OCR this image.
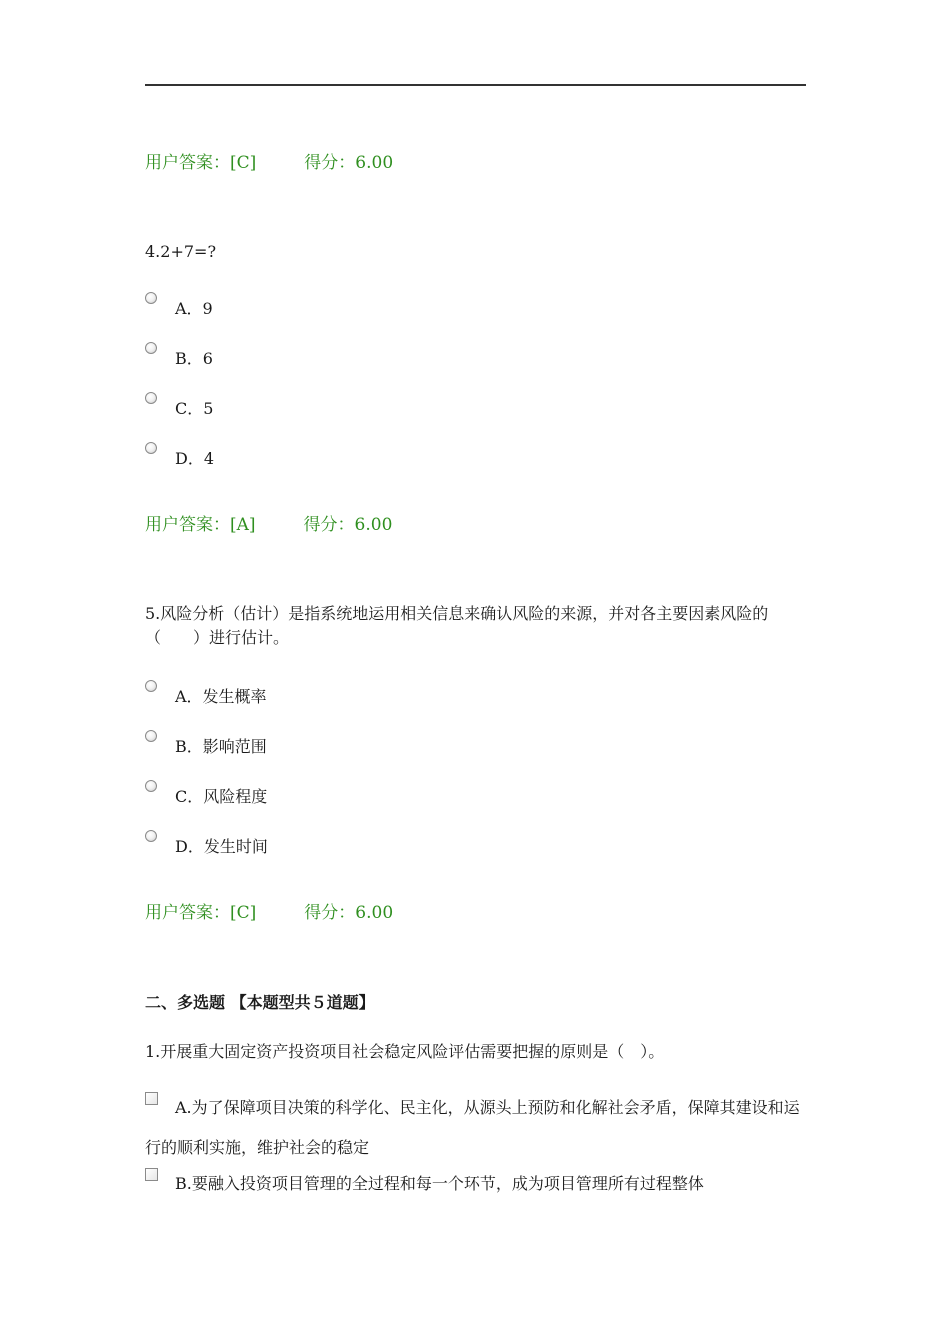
用户答案：[C]	得分：6.00
4.2+7=?
A．9
B．6
C．5
D．4
用户答案：[A]	得分：6.00
5.风险分析（估计）是指系统地运用相关信息来确认风险的来源，并对各主要因素风险的（　　）进行估计。
A．发生概率
B．影响范围
C．风险程度
D．发生时间
用户答案：[C]	得分：6.00
二、多选题 【本题型共５道题】
1.开展重大固定资产投资项目社会稳定风险评估需要把握的原则是（　）。
A.为了保障项目决策的科学化、民主化，从源头上预防和化解社会矛盾，保障其建设和运行的顺利实施，维护社会的稳定
B.要融入投资项目管理的全过程和每一个环节，成为项目管理所有过程整体
